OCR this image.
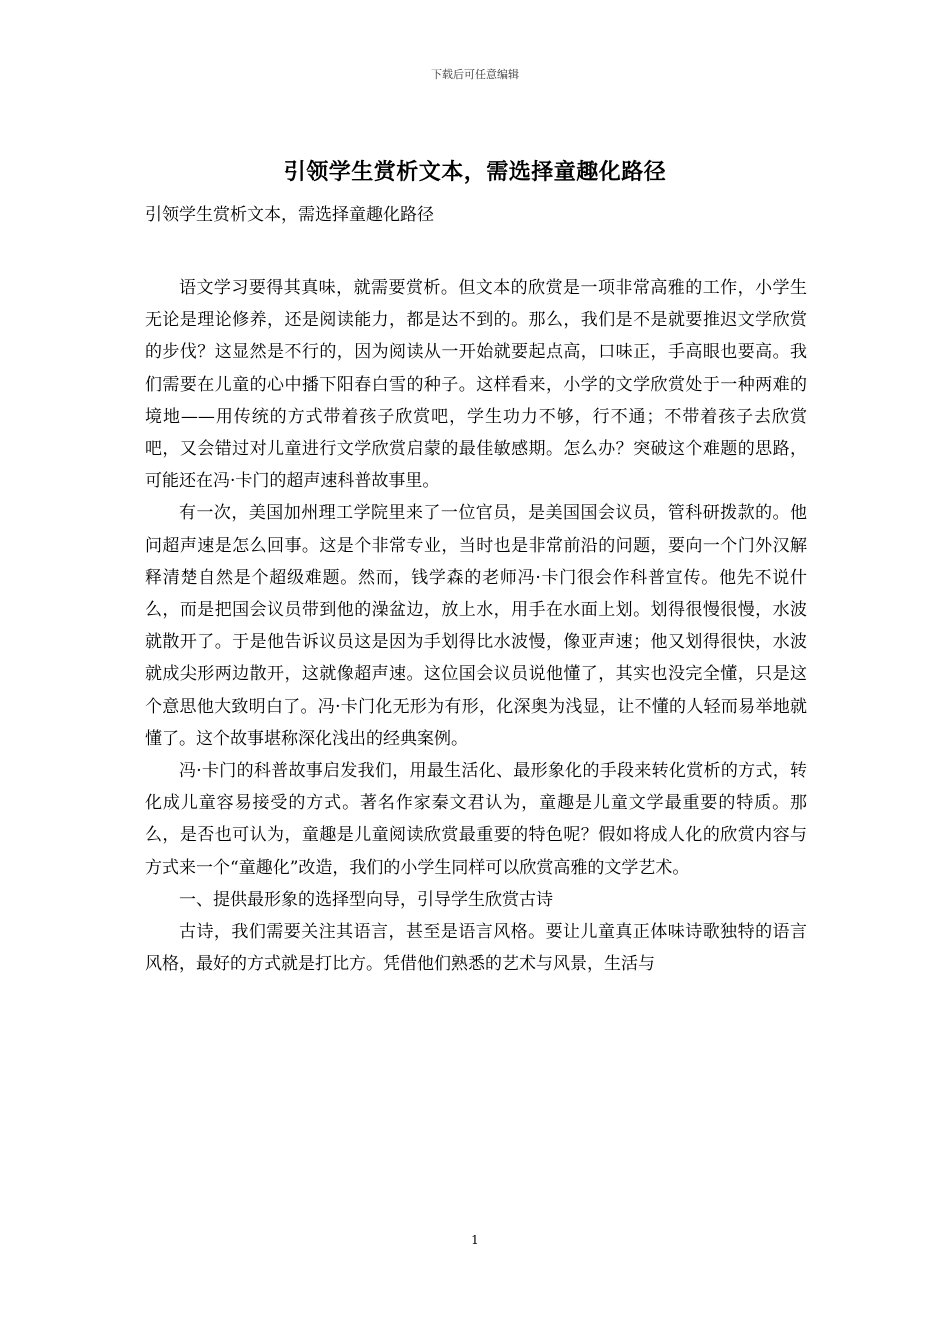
下载后可任意编辑
引领学生赏析文本，需选择童趣化路径
引领学生赏析文本，需选择童趣化路径

语文学习要得其真味，就需要赏析。但文本的欣赏是一项非常高雅的工作，小学生无论是理论修养，还是阅读能力，都是达不到的。那么，我们是不是就要推迟文学欣赏的步伐？这显然是不行的，因为阅读从一开始就要起点高，口味正，手高眼也要高。我们需要在儿童的心中播下阳春白雪的种子。这样看来，小学的文学欣赏处于一种两难的境地——用传统的方式带着孩子欣赏吧，学生功力不够，行不通；不带着孩子去欣赏吧，又会错过对儿童进行文学欣赏启蒙的最佳敏感期。怎么办？突破这个难题的思路，可能还在冯·卡门的超声速科普故事里。

有一次，美国加州理工学院里来了一位官员，是美国国会议员，管科研拨款的。他问超声速是怎么回事。这是个非常专业，当时也是非常前沿的问题，要向一个门外汉解释清楚自然是个超级难题。然而，钱学森的老师冯·卡门很会作科普宣传。他先不说什么，而是把国会议员带到他的澡盆边，放上水，用手在水面上划。划得很慢很慢，水波就散开了。于是他告诉议员这是因为手划得比水波慢，像亚声速；他又划得很快，水波就成尖形两边散开，这就像超声速。这位国会议员说他懂了，其实也没完全懂，只是这个意思他大致明白了。冯·卡门化无形为有形，化深奥为浅显，让不懂的人轻而易举地就懂了。这个故事堪称深化浅出的经典案例。

冯·卡门的科普故事启发我们，用最生活化、最形象化的手段来转化赏析的方式，转化成儿童容易接受的方式。著名作家秦文君认为，童趣是儿童文学最重要的特质。那么，是否也可认为，童趣是儿童阅读欣赏最重要的特色呢？假如将成人化的欣赏内容与方式来一个“童趣化”改造，我们的小学生同样可以欣赏高雅的文学艺术。

一、提供最形象的选择型向导，引导学生欣赏古诗

古诗，我们需要关注其语言，甚至是语言风格。要让儿童真正体味诗歌独特的语言风格，最好的方式就是打比方。凭借他们熟悉的艺术与风景，生活与

1
